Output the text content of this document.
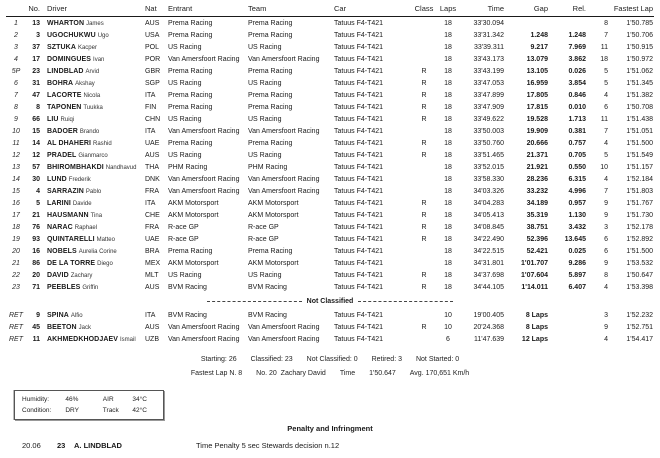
	No.	Driver	Nat	Entrant	Team	Car	Class	Laps	Time	Gap	Rel.	Fastest Lap	
1	13	WHARTON James	AUS	Prema Racing	Prema Racing	Tatuus F4-T421		18	33'30.094			8	1'50.785
2	3	UGOCHUKWU Ugo	USA	Prema Racing	Prema Racing	Tatuus F4-T421		18	33'31.342	1.248	1.248	7	1'50.706
3	37	SZTUKA Kacper	POL	US Racing	US Racing	Tatuus F4-T421		18	33'39.311	9.217	7.969	11	1'50.915
4	17	DOMINGUES Ivan	POR	Van Amersfoort Racing	Van Amersfoort Racing	Tatuus F4-T421		18	33'43.173	13.079	3.862	18	1'50.972
5P	23	LINDBLAD Arvid	GBR	Prema Racing	Prema Racing	Tatuus F4-T421	R	18	33'43.199	13.105	0.026	5	1'51.062
6	31	BOHRA Akshay	SGP	US Racing	US Racing	Tatuus F4-T421	R	18	33'47.053	16.959	3.854	5	1'51.345
7	47	LACORTE Nicola	ITA	Prema Racing	Prema Racing	Tatuus F4-T421	R	18	33'47.899	17.805	0.846	4	1'51.382
8	8	TAPONEN Tuukka	FIN	Prema Racing	Prema Racing	Tatuus F4-T421	R	18	33'47.909	17.815	0.010	6	1'50.708
9	66	LIU Ruiqi	CHN	US Racing	US Racing	Tatuus F4-T421	R	18	33'49.622	19.528	1.713	11	1'51.438
10	15	BADOER Brando	ITA	Van Amersfoort Racing	Van Amersfoort Racing	Tatuus F4-T421		18	33'50.003	19.909	0.381	7	1'51.051
11	14	AL DHAHERI Rashid	UAE	Prema Racing	Prema Racing	Tatuus F4-T421	R	18	33'50.760	20.666	0.757	4	1'51.500
12	12	PRADEL Gianmarco	AUS	US Racing	US Racing	Tatuus F4-T421	R	18	33'51.465	21.371	0.705	5	1'51.549
13	57	BHIROMBHAKDI Nandhavud	THA	PHM Racing	PHM Racing	Tatuus F4-T421		18	33'52.015	21.921	0.550	10	1'51.157
14	30	LUND Frederik	DNK	Van Amersfoort Racing	Van Amersfoort Racing	Tatuus F4-T421		18	33'58.330	28.236	6.315	4	1'52.184
15	4	SARRAZIN Pablo	FRA	Van Amersfoort Racing	Van Amersfoort Racing	Tatuus F4-T421		18	34'03.326	33.232	4.996	7	1'51.803
16	5	LARINI Davide	ITA	AKM Motorsport	AKM Motorsport	Tatuus F4-T421	R	18	34'04.283	34.189	0.957	9	1'51.767
17	21	HAUSMANN Tina	CHE	AKM Motorsport	AKM Motorsport	Tatuus F4-T421	R	18	34'05.413	35.319	1.130	9	1'51.730
18	76	NARAC Raphael	FRA	R-ace GP	R-ace GP	Tatuus F4-T421	R	18	34'08.845	38.751	3.432	3	1'52.178
19	93	QUINTARELLI Matteo	UAE	R-ace GP	R-ace GP	Tatuus F4-T421	R	18	34'22.490	52.396	13.645	6	1'52.892
20	16	NOBELS Aurelia Corine	BRA	Prema Racing	Prema Racing	Tatuus F4-T421		18	34'22.515	52.421	0.025	6	1'51.500
21	86	DE LA TORRE Diego	MEX	AKM Motorsport	AKM Motorsport	Tatuus F4-T421		18	34'31.801	1'01.707	9.286	9	1'53.532
22	20	DAVID Zachary	MLT	US Racing	US Racing	Tatuus F4-T421	R	18	34'37.698	1'07.604	5.897	8	1'50.647
23	71	PEEBLES Griffin	AUS	BVM Racing	BVM Racing	Tatuus F4-T421	R	18	34'44.105	1'14.011	6.407	4	1'53.398

Not Classified													

RET	9	SPINA Alfio	ITA	BVM Racing	BVM Racing	Tatuus F4-T421		10	19'00.405	8 Laps		3	1'52.232
RET	45	BEETON Jack	AUS	Van Amersfoort Racing	Van Amersfoort Racing	Tatuus F4-T421	R	10	20'24.368	8 Laps		9	1'52.751
RET	11	AKHMEDKHODJAEV Ismail	UZB	Van Amersfoort Racing	Van Amersfoort Racing	Tatuus F4-T421		6	11'47.639	12 Laps		4	1'54.417
Starting: 26 Classified: 23 Not Classified: 0 Retired: 3 Not Started: 0
Fastest Lap N. 8 No. 20  Zachary David Time 1'50.647 Avg. 170,651 Km/h
Humidity:	46%	AIR	34°C
Condition:	DRY	Track	42°C
Penalty and Infringment
20.06 23 A. LINDBLAD	Time Penalty 5 sec Stewards decision n.12
